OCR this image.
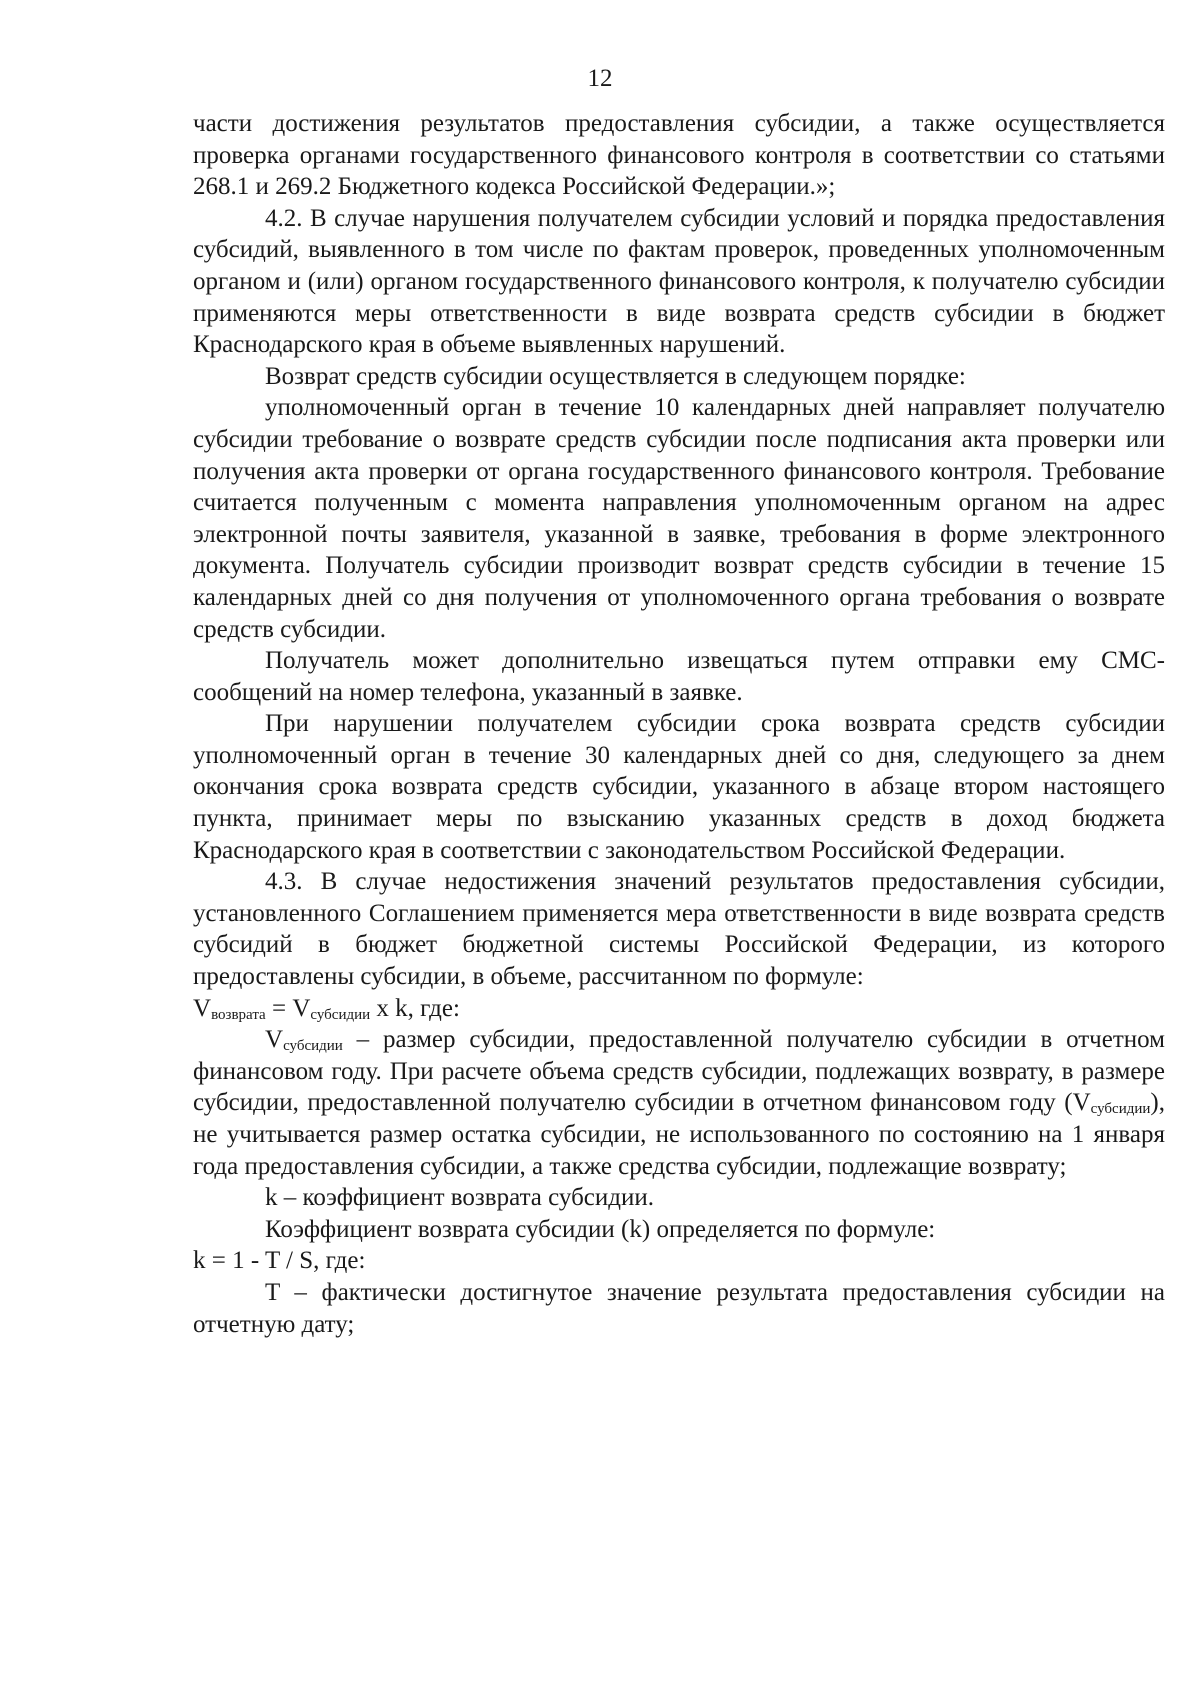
12

части достижения результатов предоставления субсидии, а также осуществляется проверка органами государственного финансового контроля в соответствии со статьями 268.1 и 269.2 Бюджетного кодекса Российской Федерации.»;

4.2. В случае нарушения получателем субсидии условий и порядка предоставления субсидий, выявленного в том числе по фактам проверок, проведенных уполномоченным органом и (или) органом государственного финансового контроля, к получателю субсидии применяются меры ответственности в виде возврата средств субсидии в бюджет Краснодарского края в объеме выявленных нарушений.

Возврат средств субсидии осуществляется в следующем порядке:

уполномоченный орган в течение 10 календарных дней направляет получателю субсидии требование о возврате средств субсидии после подписания акта проверки или получения акта проверки от органа государственного финансового контроля. Требование считается полученным с момента направления уполномоченным органом на адрес электронной почты заявителя, указанной в заявке, требования в форме электронного документа. Получатель субсидии производит возврат средств субсидии в течение 15 календарных дней со дня получения от уполномоченного органа требования о возврате средств субсидии.

Получатель может дополнительно извещаться путем отправки ему СМС-сообщений на номер телефона, указанный в заявке.

При нарушении получателем субсидии срока возврата средств субсидии уполномоченный орган в течение 30 календарных дней со дня, следующего за днем окончания срока возврата средств субсидии, указанного в абзаце втором настоящего пункта, принимает меры по взысканию указанных средств в доход бюджета Краснодарского края в соответствии с законодательством Российской Федерации.

4.3. В случае недостижения значений результатов предоставления субсидии, установленного Соглашением применяется мера ответственности в виде возврата средств субсидий в бюджет бюджетной системы Российской Федерации, из которого предоставлены субсидии, в объеме, рассчитанном по формуле:

$V_{возврата} = V_{субсидии}$ x k, где:

$V_{субсидии}$ – размер субсидии, предоставленной получателю субсидии в отчетном финансовом году. При расчете объема средств субсидии, подлежащих возврату, в размере субсидии, предоставленной получателю субсидии в отчетном финансовом году $(V_{субсидии})$, не учитывается размер остатка субсидии, не использованного по состоянию на 1 января года предоставления субсидии, а также средства субсидии, подлежащие возврату;

k – коэффициент возврата субсидии.

Коэффициент возврата субсидии (k) определяется по формуле:

k = 1 - T / S, где:

T – фактически достигнутое значение результата предоставления субсидии на отчетную дату;
